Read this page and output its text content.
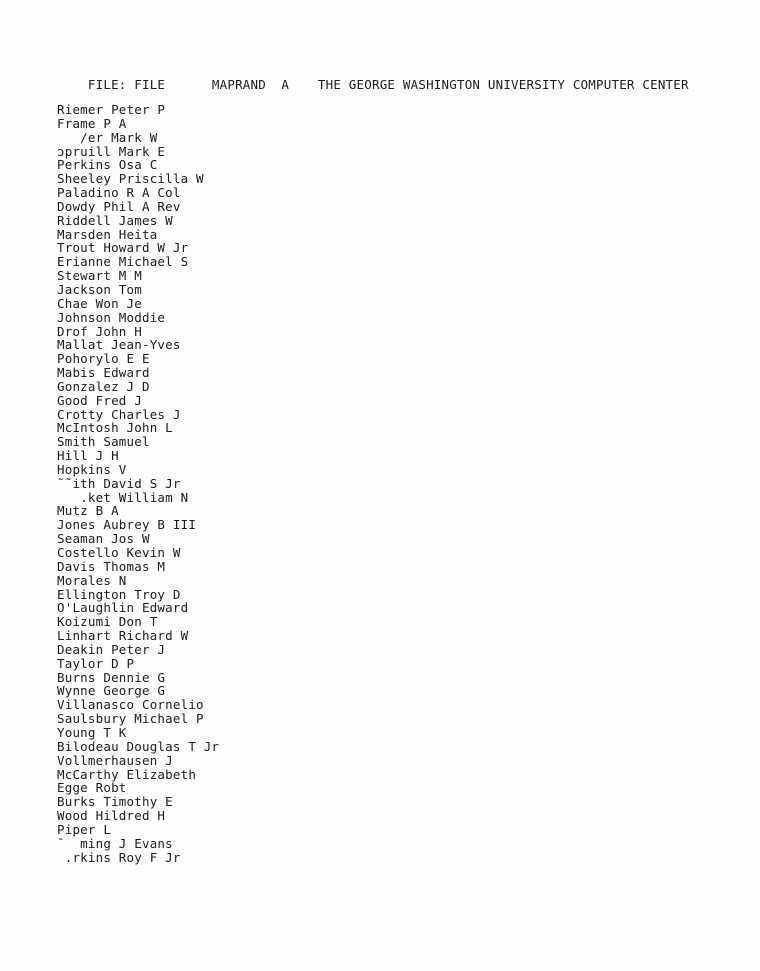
FILE: FILE	MAPRAND  A THE GEORGE WASHINGTON UNIVERSITY COMPUTER CENTER

Riemer Peter P
Frame P A
/er Mark W
ɔpruill Mark E
Perkins Osa C
Sheeley Priscilla W
Paladino R A Col
Dowdy Phil A Rev
Riddell James W
Marsden Heita
Trout Howard W Jr
Erianne Michael S
Stewart M M
Jackson Tom
Chae Won Je
Johnson Moddie
Drof John H
Mallat Jean-Yves
Pohorylo E E
Mabis Edward
Gonzalez J D
Good Fred J
Crotty Charles J
McIntosh John L
Smith Samuel
Hill J H
Hopkins V
˜˜ith David S Jr
.ket William N
Mutz B A
Jones Aubrey B III
Seaman Jos W
Costello Kevin W
Davis Thomas M
Morales N
Ellington Troy D
O'Laughlin Edward
Koizumi Don T
Linhart Richard W
Deakin Peter J
Taylor D P
Burns Dennie G
Wynne George G
Villanasco Cornelio
Saulsbury Michael P
Young T K
Bilodeau Douglas T Jr
Vollmerhausen J
McCarthy Elizabeth
Egge Robt
Burks Timothy E
Wood Hildred H
Piper L
¯  ming J Evans
.rkins Roy F Jr
